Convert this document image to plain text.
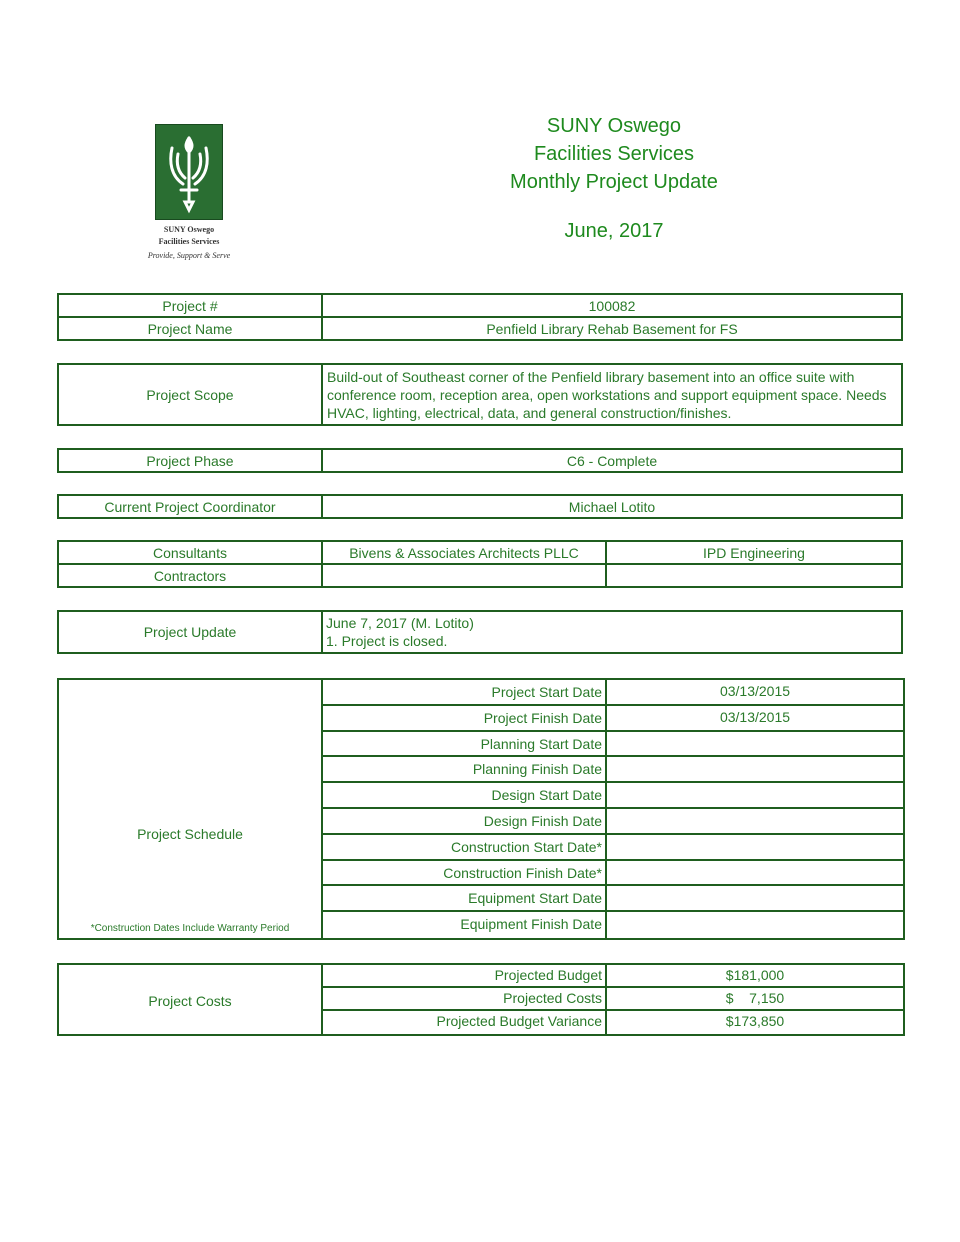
SUNY Oswego
Facilities Services
Provide, Support & Serve
SUNY Oswego
Facilities Services
Monthly Project Update
June, 2017
Project #	100082
Project Name	Penfield Library Rehab Basement for FS
Project Scope
Build-out of Southeast corner of the Penfield library basement into an office suite with conference room, reception area, open workstations and support equipment space. Needs HVAC, lighting, electrical, data, and general construction/finishes.
Project Phase	C6 - Complete
Current Project Coordinator	Michael Lotito
Consultants	Bivens & Associates Architects PLLC	IPD Engineering
Contractors
Project Update
June 7, 2017 (M. Lotito)
1. Project is closed.
Project Schedule
*Construction Dates Include Warranty Period
Project Start Date	03/13/2015
Project Finish Date	03/13/2015
Planning Start Date
Planning Finish Date
Design Start Date
Design Finish Date
Construction Start Date*
Construction Finish Date*
Equipment Start Date
Equipment Finish Date
Project Costs
Projected Budget	$181,000
Projected Costs	$    7,150
Projected Budget Variance	$173,850
